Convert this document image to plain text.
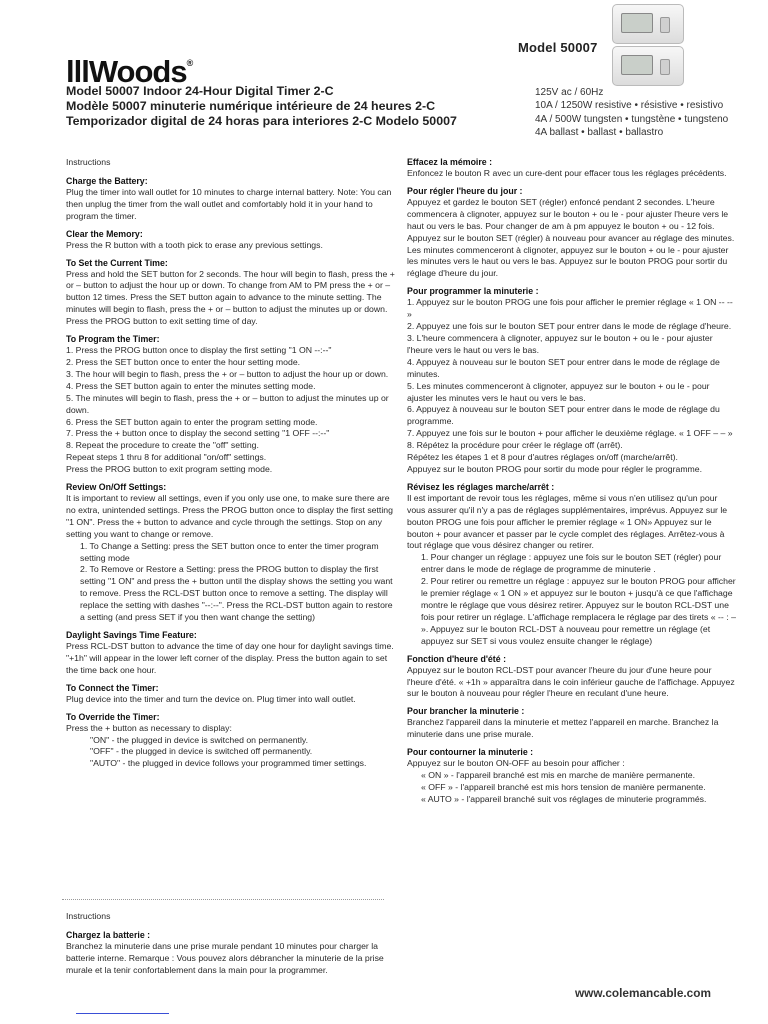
lllWoods®
Model 50007 Indoor 24-Hour Digital Timer 2-C
Modèle 50007 minuterie numérique intérieure de 24 heures 2-C
Temporizador digital de 24 horas para interiores 2-C Modelo 50007
Model 50007
125V ac / 60Hz
10A / 1250W resistive • résistive • resistivo
4A / 500W tungsten • tungstène • tungsteno
4A ballast • ballast • ballastro

Instructions

Charge the Battery:

Plug the timer into wall outlet for 10 minutes to charge internal battery. Note: You can then unplug the timer from the wall outlet and comfortably hold it in your hand to program the timer.

Clear the Memory:

Press the R button with a tooth pick to erase any previous settings.

To Set the Current Time:

Press and hold the SET button for 2 seconds. The hour will begin to flash, press the + or – button to adjust the hour up or down. To change from AM to PM press the + or – button 12 times. Press the SET button again to advance to the minute setting. The minutes will begin to flash, press the + or – button to adjust the minutes up or down. Press the PROG button to exit setting time of day.

To Program the Timer:

1. Press the PROG button once to display the first setting "1 ON --:--"

2. Press the SET button once to enter the hour setting mode.

3. The hour will begin to flash, press the + or – button to adjust the hour up or down.

4. Press the SET button again to enter the minutes setting mode.

5. The minutes will begin to flash, press the + or – button to adjust the minutes up or down.

6. Press the SET button again to enter the program setting mode.

7. Press the + button once to display the second setting "1 OFF --:--"

8. Repeat the procedure to create the "off" setting.

Repeat steps 1 thru 8 for additional "on/off" settings.

Press the PROG button to exit program setting mode.

Review On/Off Settings:

It is important to review all settings, even if you only use one, to make sure there are no extra, unintended settings. Press the PROG button once to display the first setting "1 ON". Press the + button to advance and cycle through the settings. Stop on any setting you want to change or remove.

1. To Change a Setting: press the SET button once to enter the timer program setting mode

2. To Remove or Restore a Setting: press the PROG button to display the first setting "1 ON" and press the + button until the display shows the setting you want to remove. Press the RCL-DST button once to remove a setting. The display will replace the setting with dashes "--:--". Press the RCL-DST button again to restore a setting (and press SET if you then want change the setting)

Daylight Savings Time Feature:

Press RCL-DST button to advance the time of day one hour for daylight savings time. "+1h" will appear in the lower left corner of the display. Press the button again to set the time back one hour.

To Connect the Timer:

Plug device into the timer and turn the device on. Plug timer into wall outlet.

To Override the Timer:

Press the + button as necessary to display:

"ON" - the plugged in device is switched on permanently.

"OFF" - the plugged in device is switched off permanently.

"AUTO" - the plugged in device follows your programmed timer settings.

Instructions

Chargez la batterie :

Branchez la minuterie dans une prise murale pendant 10 minutes pour charger la batterie interne. Remarque : Vous pouvez alors débrancher la minuterie de la prise murale et la tenir confortablement dans la main pour la programmer.

Effacez la mémoire :

Enfoncez le bouton R avec un cure-dent pour effacer tous les réglages précédents.

Pour régler l'heure du jour :

Appuyez et gardez le bouton SET (régler) enfoncé pendant 2 secondes. L'heure commencera à clignoter, appuyez sur le bouton + ou le - pour ajuster l'heure vers le haut ou vers le bas. Pour changer de am à pm appuyez le bouton + ou - 12 fois. Appuyez sur le bouton SET (régler) à nouveau pour avancer au réglage des minutes. Les minutes commenceront à clignoter, appuyez sur le bouton + ou le - pour ajuster les minutes vers le haut ou vers le bas. Appuyez sur le bouton PROG pour sortir du réglage d'heure du jour.

Pour programmer la minuterie :

1. Appuyez sur le bouton PROG une fois pour afficher le premier réglage « 1 ON -- -- »

2. Appuyez une fois sur le bouton SET pour entrer dans le mode de réglage d'heure.

3. L'heure commencera à clignoter, appuyez sur le bouton + ou le - pour ajuster l'heure vers le haut ou vers le bas.

4. Appuyez à nouveau sur le bouton SET pour entrer dans le mode de réglage de minutes.

5. Les minutes commenceront à clignoter, appuyez sur le bouton + ou le - pour ajuster les minutes vers le haut ou vers le bas.

6. Appuyez à nouveau sur le bouton SET pour entrer dans le mode de réglage du programme.

7. Appuyez une fois sur le bouton + pour afficher le deuxième réglage. « 1 OFF – – »

8. Répétez la procédure pour créer le réglage off (arrêt).

Répétez les étapes 1 et 8 pour d'autres réglages on/off (marche/arrêt).

Appuyez sur le bouton PROG pour sortir du mode pour régler le programme.

Révisez les réglages marche/arrêt :

Il est important de revoir tous les réglages, même si vous n'en utilisez qu'un pour vous assurer qu'il n'y a pas de réglages supplémentaires, imprévus. Appuyez sur le bouton PROG une fois pour afficher le premier réglage « 1 ON» Appuyez sur le bouton + pour avancer et passer par le cycle complet des réglages. Arrêtez-vous à tout réglage que vous désirez changer ou retirer.

1. Pour changer un réglage : appuyez une fois sur le bouton SET (régler) pour entrer dans le mode de réglage de programme de minuterie .

2. Pour retirer ou remettre un réglage : appuyez sur le bouton PROG pour afficher le premier réglage « 1 ON » et appuyez sur le bouton + jusqu'à ce que l'affichage montre le réglage que vous désirez retirer. Appuyez sur le bouton RCL-DST une fois pour retirer un réglage. L'affichage remplacera le réglage par des tirets « -- : – ». Appuyez sur le bouton RCL-DST à nouveau pour remettre un réglage (et appuyez sur SET si vous voulez ensuite changer le réglage)

Fonction d'heure d'été :

Appuyez sur le bouton RCL-DST pour avancer l'heure du jour d'une heure pour l'heure d'été. « +1h » apparaîtra dans le coin inférieur gauche de l'affichage. Appuyez sur le bouton à nouveau pour régler l'heure en reculant d'une heure.

Pour brancher la minuterie :

Branchez l'appareil dans la minuterie et mettez l'appareil en marche. Branchez la minuterie dans une prise murale.

Pour contourner la minuterie :

Appuyez sur le bouton ON-OFF au besoin pour afficher :

« ON » - l'appareil branché est mis en marche de manière permanente.

« OFF » - l'appareil branché est mis hors tension de manière permanente.

« AUTO » - l'appareil branché suit vos réglages de minuterie programmés.

www.colemancable.com
